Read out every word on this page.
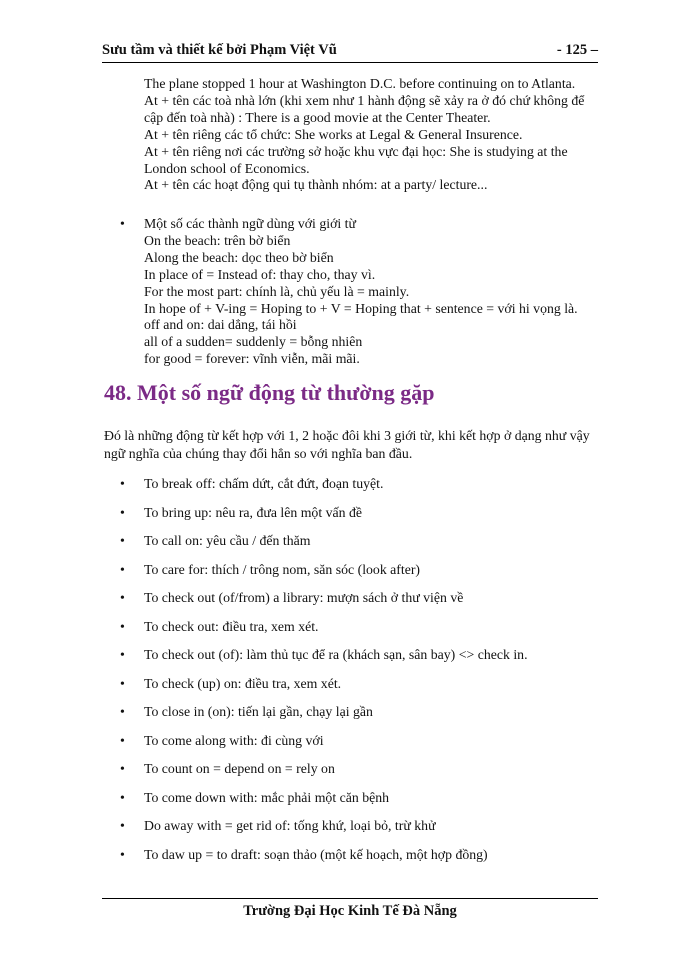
Sưu tầm và thiết kế bởi Phạm Việt Vũ	- 125 –

The plane stopped 1 hour at Washington D.C. before continuing on to Atlanta.

At + tên các toà nhà lớn (khi xem như 1 hành động sẽ xảy ra ở đó chứ không để

cập đến toà nhà) : There is a good movie at the Center Theater.

At + tên riêng các tổ chức: She works at Legal & General Insurence.

At + tên riêng nơi các trường sở hoặc khu vực đại học: She is studying at the

London school of Economics.

At + tên các hoạt động qui tụ thành nhóm: at a party/ lecture...

• Một số các thành ngữ dùng với giới từ

On the beach: trên bờ biển

Along the beach: dọc theo bờ biển

In place of = Instead of: thay cho, thay vì.

For the most part: chính là, chủ yếu là = mainly.

In hope of + V-ing = Hoping to + V = Hoping that + sentence = với hi vọng là.

off and on: dai dẳng, tái hồi

all of a sudden= suddenly = bỗng nhiên

for good = forever: vĩnh viễn, mãi mãi.

48. Một số ngữ động từ thường gặp

Đó là những động từ kết hợp với 1, 2 hoặc đôi khi 3 giới từ, khi kết hợp ở dạng như vậy ngữ nghĩa của chúng thay đổi hẳn so với nghĩa ban đầu.

• To break off: chấm dứt, cắt đứt, đoạn tuyệt.
• To bring up: nêu ra, đưa lên một vấn đề
• To call on: yêu cầu / đến thăm
• To care for: thích / trông nom, săn sóc (look after)
• To check out (of/from) a library: mượn sách ở thư viện về
• To check out: điều tra, xem xét.
• To check out (of): làm thủ tục để ra (khách sạn, sân bay) <> check in.
• To check (up) on: điều tra, xem xét.
• To close in (on): tiến lại gần, chạy lại gần
• To come along with: đi cùng với
• To count on = depend on = rely on
• To come down with: mắc phải một căn bệnh
• Do away with = get rid of: tống khứ, loại bỏ, trừ khử
• To daw up = to draft: soạn thảo (một kế hoạch, một hợp đồng)
Trường Đại Học Kinh Tế Đà Nẵng
